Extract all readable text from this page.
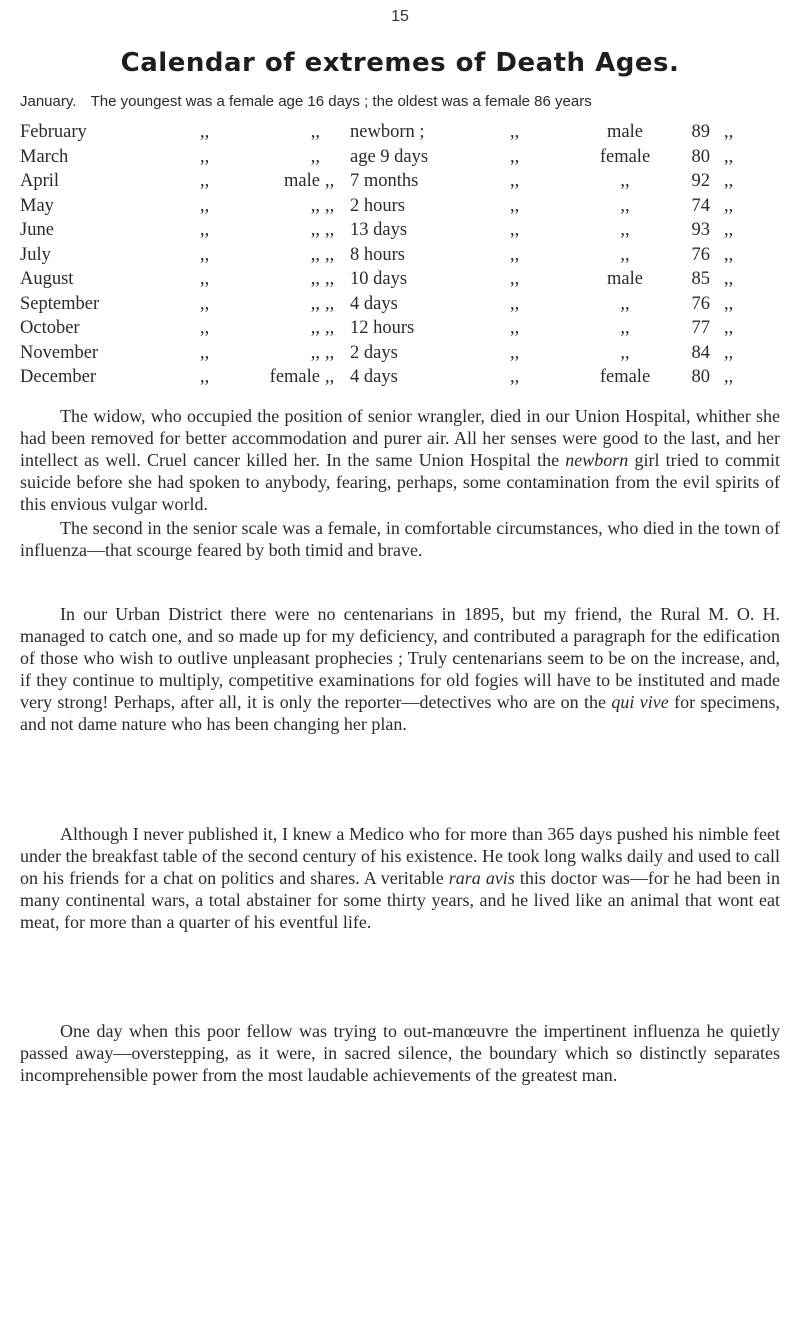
15
Calendar of extremes of Death Ages.
January. The youngest was a female age 16 days ; the oldest was a female 86 years
February	,,	,, newborn ;	,,	male	89 ,,
March	,,	,, age 9 days	,,	female	80 ,,
April	,,	male ,, 7 months	,,	,,	92 ,,
May	,,	,, ,, 2 hours	,,	,,	74 ,,
June	,,	,, ,, 13 days	,,	,,	93 ,,
July	,,	,, ,, 8 hours	,,	,,	76 ,,
August	,,	,, ,, 10 days	,,	male	85 ,,
September	,,	,, ,, 4 days	,,	,,	76 ,,
October	,,	,, ,, 12 hours	,,	,,	77 ,,
November	,,	,, ,, 2 days	,,	,,	84 ,,
December	,,	female ,, 4 days	,,	female	80 ,,

The widow, who occupied the position of senior wrangler, died in our Union Hospital, whither she had been removed for better accommodation and purer air. All her senses were good to the last, and her intellect as well. Cruel cancer killed her. In the same Union Hospital the newborn girl tried to commit suicide before she had spoken to anybody, fearing, perhaps, some contamination from the evil spirits of this envious vulgar world.

The second in the senior scale was a female, in comfortable circumstances, who died in the town of influenza—that scourge feared by both timid and brave.

In our Urban District there were no centenarians in 1895, but my friend, the Rural M. O. H. managed to catch one, and so made up for my deficiency, and contributed a paragraph for the edification of those who wish to outlive unpleasant prophecies ; Truly centenarians seem to be on the increase, and, if they continue to multiply, competitive examinations for old fogies will have to be instituted and made very strong! Perhaps, after all, it is only the reporter—detectives who are on the qui vive for specimens, and not dame nature who has been changing her plan.

Although I never published it, I knew a Medico who for more than 365 days pushed his nimble feet under the breakfast table of the second century of his existence. He took long walks daily and used to call on his friends for a chat on politics and shares. A veritable rara avis this doctor was—for he had been in many continental wars, a total abstainer for some thirty years, and he lived like an animal that wont eat meat, for more than a quarter of his eventful life.

One day when this poor fellow was trying to out-manœuvre the impertinent influenza he quietly passed away—overstepping, as it were, in sacred silence, the boundary which so distinctly separates incomprehensible power from the most laudable achievements of the greatest man.
